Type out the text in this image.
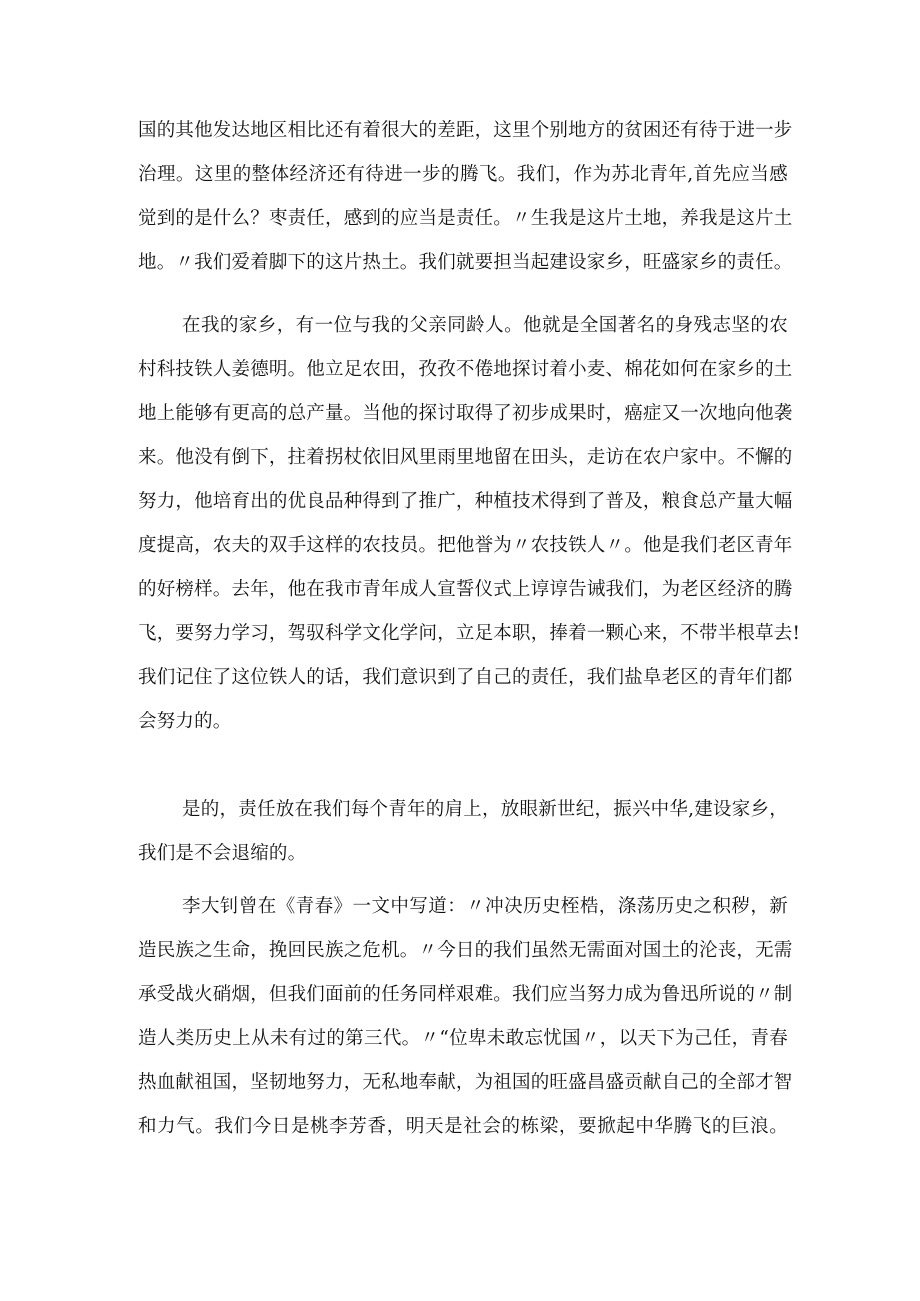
国的其他发达地区相比还有着很大的差距，这里个别地方的贫困还有待于进一步
治理。这里的整体经济还有待进一步的腾飞。我们，作为苏北青年,首先应当感
觉到的是什么？枣责任，感到的应当是责任。〃生我是这片土地，养我是这片土
地。〃我们爱着脚下的这片热土。我们就要担当起建设家乡，旺盛家乡的责任。
在我的家乡，有一位与我的父亲同龄人。他就是全国著名的身残志坚的农
村科技铁人姜德明。他立足农田，孜孜不倦地探讨着小麦、棉花如何在家乡的土
地上能够有更高的总产量。当他的探讨取得了初步成果时，癌症又一次地向他袭
来。他没有倒下，拄着拐杖依旧风里雨里地留在田头，走访在农户家中。不懈的
努力，他培育出的优良品种得到了推广，种植技术得到了普及，粮食总产量大幅
度提高，农夫的双手这样的农技员。把他誉为〃农技铁人〃。他是我们老区青年
的好榜样。去年，他在我市青年成人宣誓仪式上谆谆告诫我们，为老区经济的腾
飞，要努力学习，驾驭科学文化学问，立足本职，捧着一颗心来，不带半根草去!
我们记住了这位铁人的话，我们意识到了自己的责任，我们盐阜老区的青年们都
会努力的。
是的，责任放在我们每个青年的肩上，放眼新世纪，振兴中华,建设家乡，
我们是不会退缩的。
李大钊曾在《青春》一文中写道：〃冲决历史桎梏，涤荡历史之积秽，新
造民族之生命，挽回民族之危机。〃今日的我们虽然无需面对国土的沦丧，无需
承受战火硝烟，但我们面前的任务同样艰难。我们应当努力成为鲁迅所说的〃制
造人类历史上从未有过的第三代。〃“位卑未敢忘忧国〃，以天下为己任，青春
热血献祖国，坚韧地努力，无私地奉献，为祖国的旺盛昌盛贡献自己的全部才智
和力气。我们今日是桃李芳香，明天是社会的栋梁，要掀起中华腾飞的巨浪。
